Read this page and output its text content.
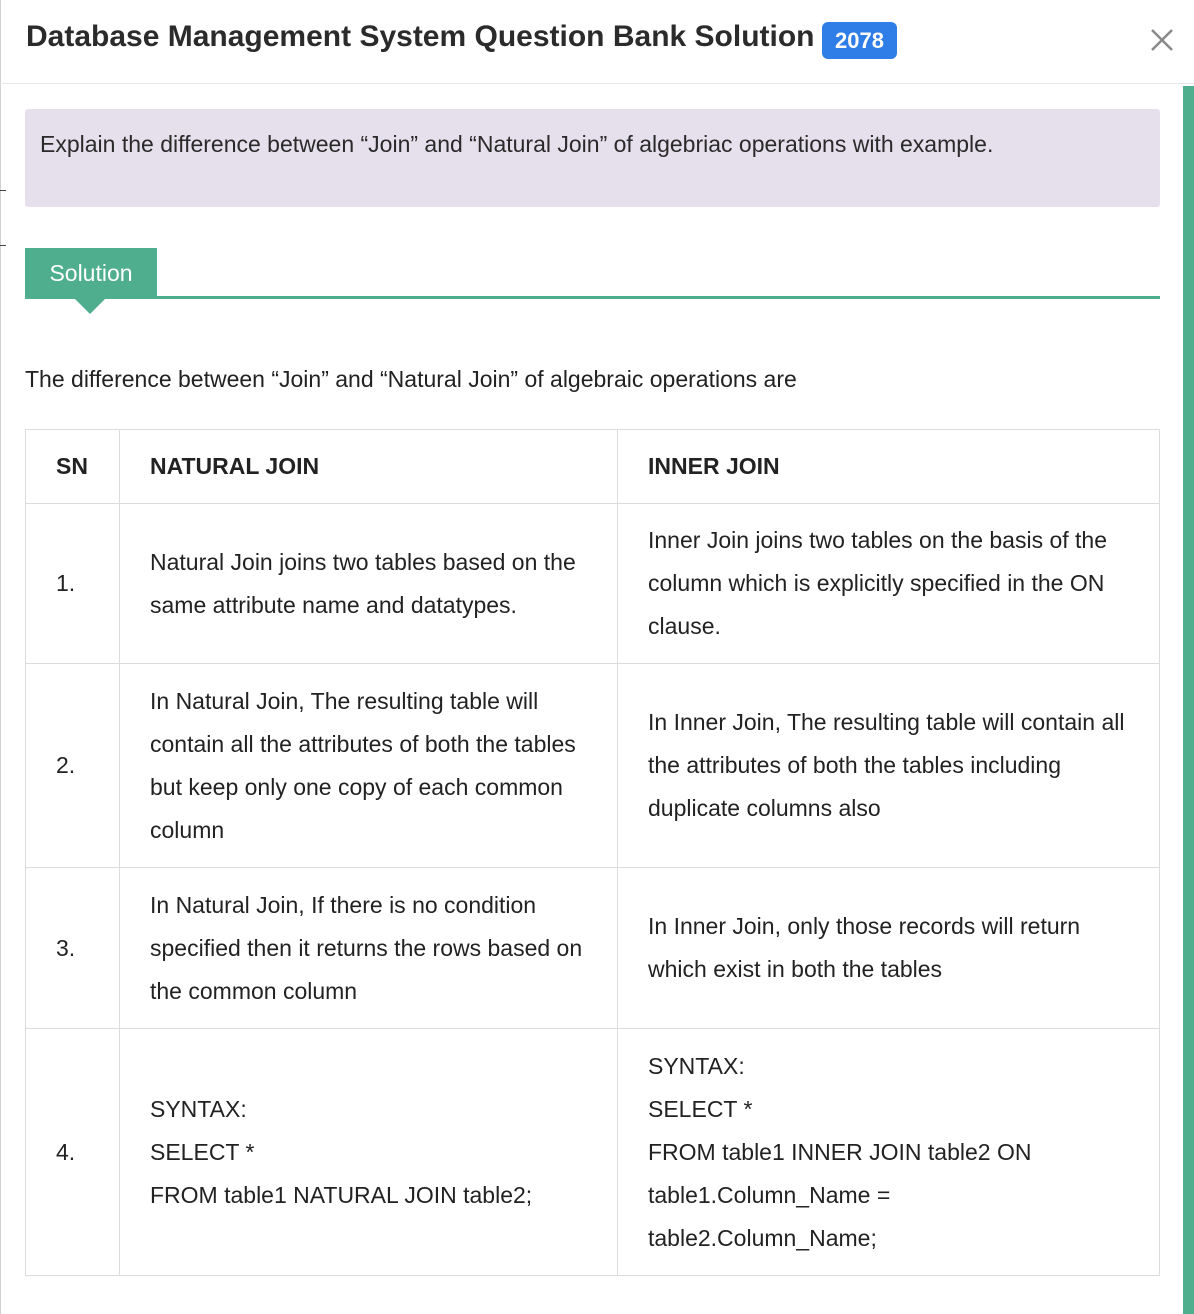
Database Management System Question Bank Solution 2078
Explain the difference between “Join” and “Natural Join” of algebriac operations with example.
Solution
The difference between “Join” and “Natural Join” of algebraic operations are
SN	NATURAL JOIN	INNER JOIN
1.	Natural Join joins two tables based on the same attribute name and datatypes.	Inner Join joins two tables on the basis of the column which is explicitly specified in the ON clause.
2.	In Natural Join, The resulting table will contain all the attributes of both the tables but keep only one copy of each common column	In Inner Join, The resulting table will contain all the attributes of both the tables including duplicate columns also
3.	In Natural Join, If there is no condition specified then it returns the rows based on the common column	In Inner Join, only those records will return which exist in both the tables
4.	SYNTAX:
SELECT *
FROM table1 NATURAL JOIN table2;	SYNTAX:
SELECT *
FROM table1 INNER JOIN table2 ON
table1.Column_Name =
table2.Column_Name;
